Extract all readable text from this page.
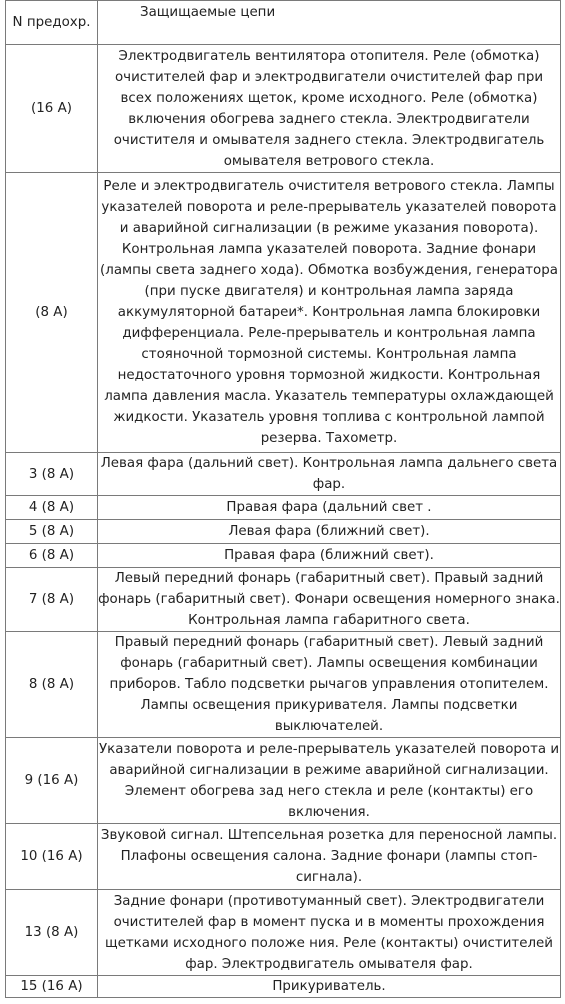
N предохр.	Защищаемые цепи
(16 А)	Электродвигатель вентилятора отопителя. Реле (обмотка) очистителей фар и электродвигатели очистителей фар при всех положениях щеток, кроме исходного. Реле (обмотка) включения обогрева заднего стекла. Электродвигатели очистителя и омывателя заднего стекла. Электродвигатель омывателя ветрового стекла.
(8 А)	Реле и электродвигатель очистителя ветрового стекла. Лампы указателей поворота и реле-прерыватель указателей поворота и аварийной сигнализации (в режиме указания поворота). Контрольная лампа указателей поворота. Задние фонари (лампы света заднего хода). Обмотка возбуждения, генератора (при пуске двигателя) и контрольная лампа заряда аккумуляторной батареи*. Контрольная лампа блокировки дифференциала. Реле-прерыватель и контрольная лампа стояночной тормозной системы. Контрольная лампа недостаточного уровня тормозной жидкости. Контрольная лампа давления масла. Указатель температуры охлаждающей жидкости. Указатель уровня топлива с контрольной лампой резерва. Тахометр.
3 (8 А)	Левая фара (дальний свет). Контрольная лампа дальнего света фар.
4 (8 А)	Правая фара (дальний свет .
5 (8 А)	Левая фара (ближний свет).
6 (8 А)	Правая фара (ближний свет).
7 (8 А)	Левый передний фонарь (габаритный свет). Правый задний фонарь (габаритный свет). Фонари освещения номерного знака. Контрольная лампа габаритного света.
8 (8 А)	Правый передний фонарь (габаритный свет). Левый задний фонарь (габаритный свет). Лампы освещения комбинации приборов. Табло подсветки рычагов управления отопителем. Лампы освещения прикуривателя. Лампы подсветки выключателей.
9 (16 А)	Указатели поворота и реле-прерыватель указателей поворота и аварийной сигнализации в режиме аварийной сигнализации. Элемент обогрева зад него стекла и реле (контакты) его включения.
10 (16 А)	Звуковой сигнал. Штепсельная розетка для переносной лампы. Плафоны освещения салона. Задние фонари (лампы стоп-сигнала).
13 (8 А)	Задние фонари (противотуманный свет). Электродвигатели очистителей фар в момент пуска и в моменты прохождения щетками исходного положе ния. Реле (контакты) очистителей фар. Электродвигатель омывателя фар.
15 (16 А)	Прикуриватель.
